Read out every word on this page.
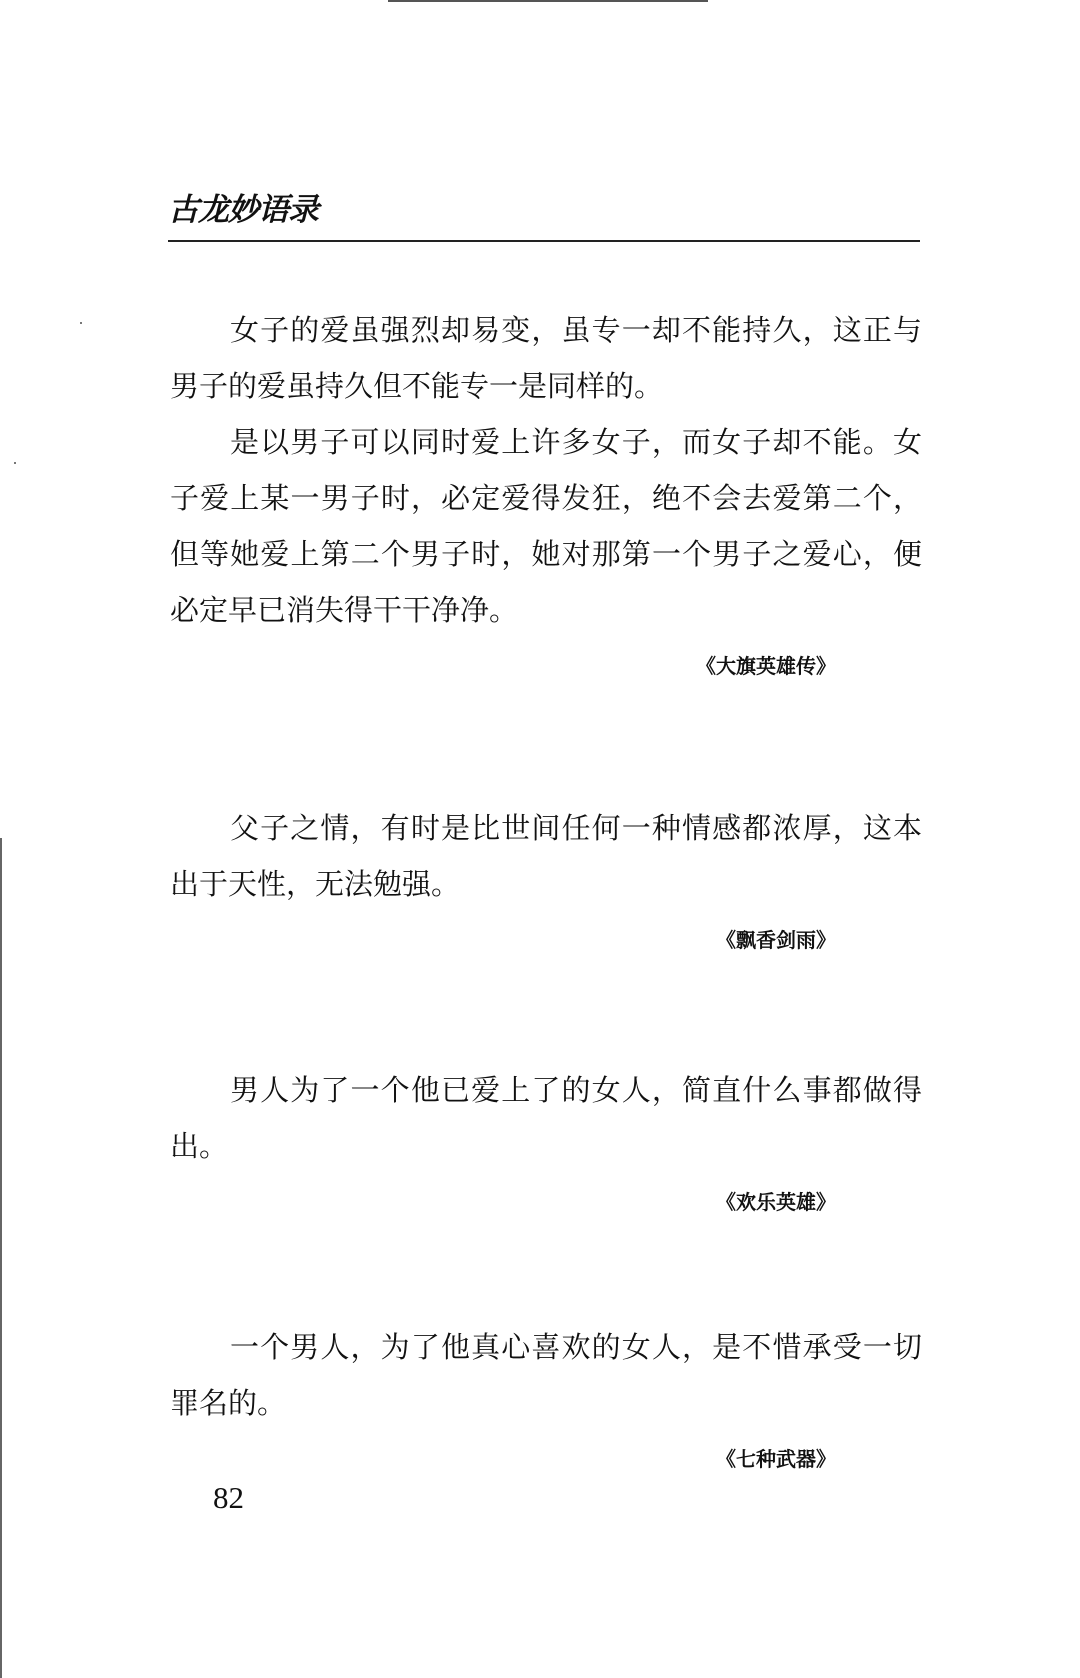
古龙妙语录

女子的爱虽强烈却易变，虽专一却不能持久，这正与男子的爱虽持久但不能专一是同样的。

是以男子可以同时爱上许多女子，而女子却不能。女子爱上某一男子时，必定爱得发狂，绝不会去爱第二个，但等她爱上第二个男子时，她对那第一个男子之爱心，便必定早已消失得干干净净。

《大旗英雄传》

父子之情，有时是比世间任何一种情感都浓厚，这本出于天性，无法勉强。

《飘香剑雨》

男人为了一个他已爱上了的女人，简直什么事都做得出。

《欢乐英雄》

一个男人，为了他真心喜欢的女人，是不惜承受一切罪名的。

《七种武器》
82
